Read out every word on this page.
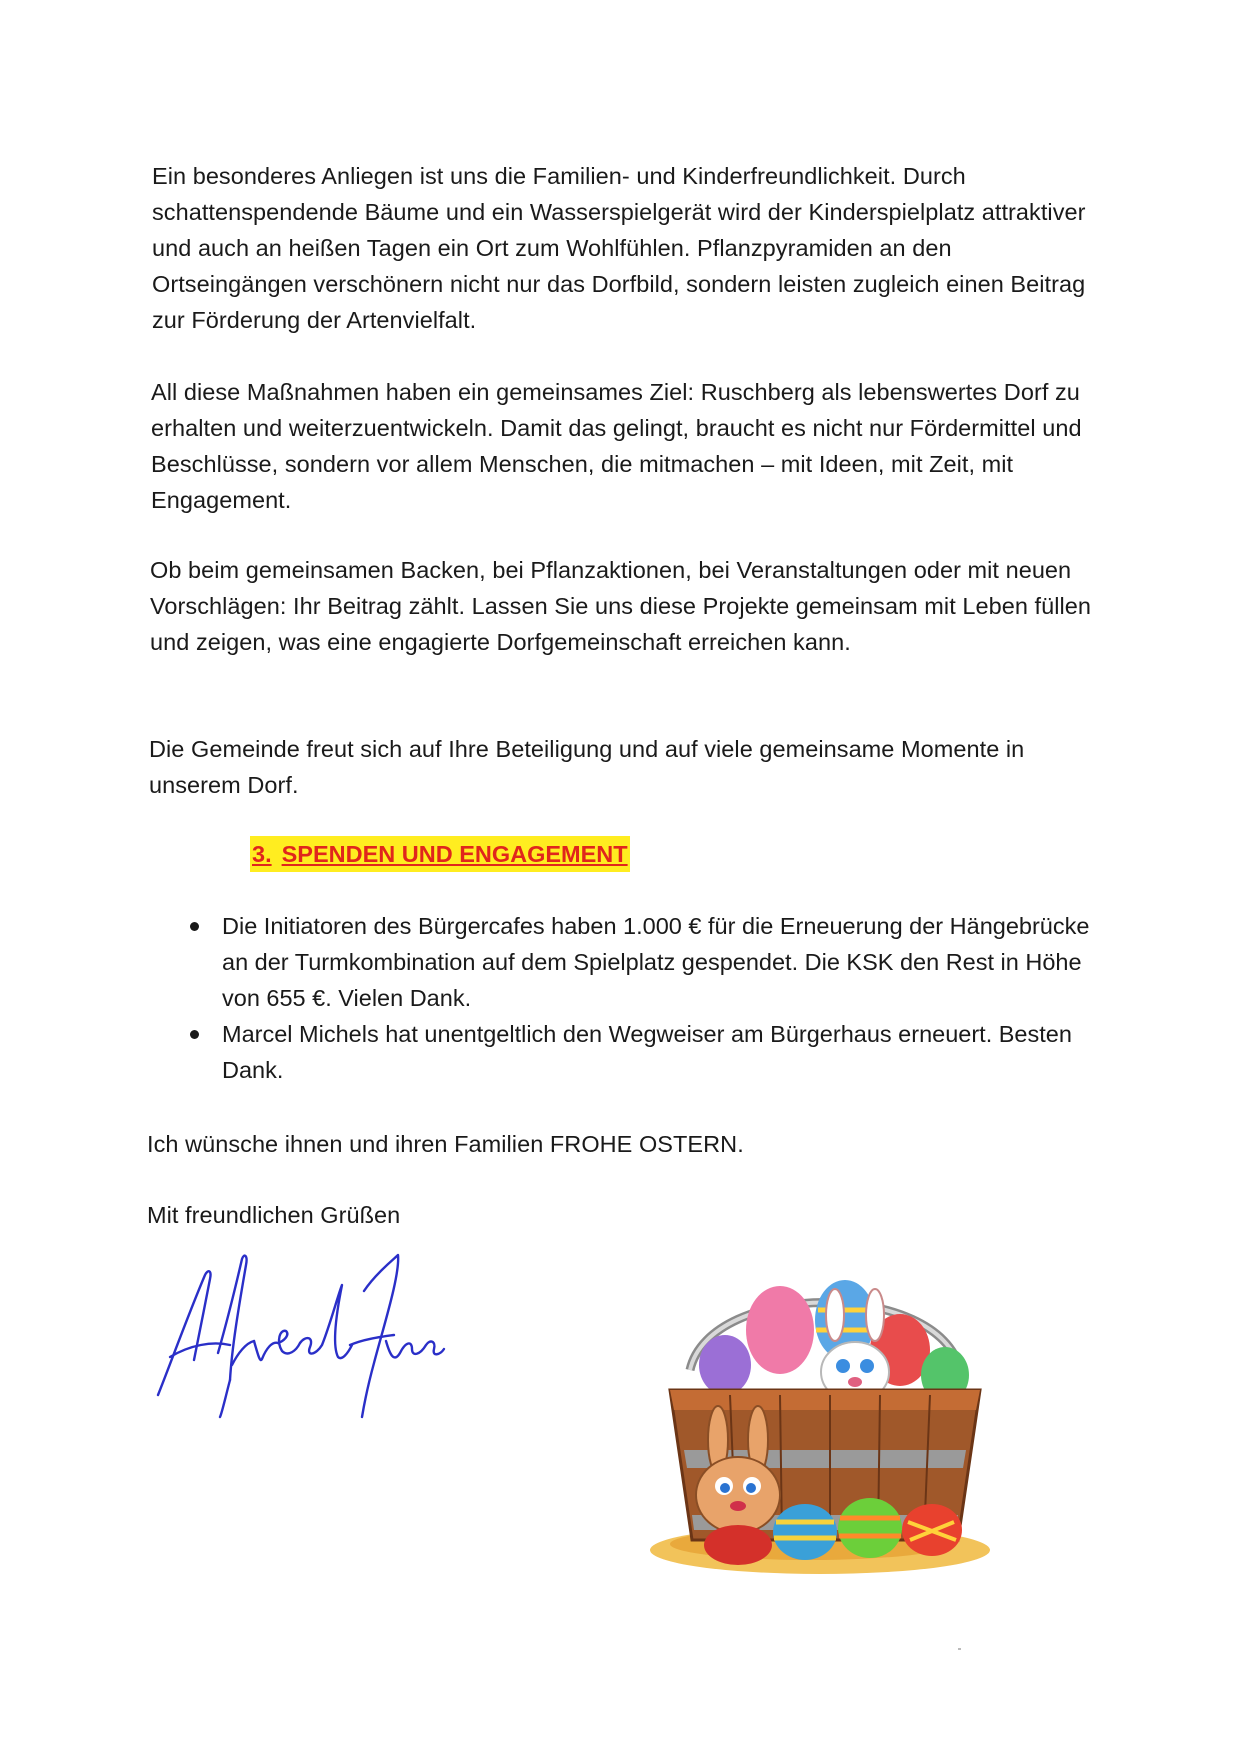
Ein besonderes Anliegen ist uns die Familien- und Kinderfreundlichkeit. Durch schattenspendende Bäume und ein Wasserspielgerät wird der Kinderspielplatz attraktiver und auch an heißen Tagen ein Ort zum Wohlfühlen. Pflanzpyramiden an den Ortseingängen verschönern nicht nur das Dorfbild, sondern leisten zugleich einen Beitrag zur Förderung der Artenvielfalt.

All diese Maßnahmen haben ein gemeinsames Ziel: Ruschberg als lebenswertes Dorf zu erhalten und weiterzuentwickeln. Damit das gelingt, braucht es nicht nur Fördermittel und Beschlüsse, sondern vor allem Menschen, die mitmachen – mit Ideen, mit Zeit, mit Engagement.

Ob beim gemeinsamen Backen, bei Pflanzaktionen, bei Veranstaltungen oder mit neuen Vorschlägen: Ihr Beitrag zählt. Lassen Sie uns diese Projekte gemeinsam mit Leben füllen und zeigen, was eine engagierte Dorfgemeinschaft erreichen kann.

Die Gemeinde freut sich auf Ihre Beteiligung und auf viele gemeinsame Momente in unserem Dorf.

3. SPENDEN UND ENGAGEMENT
Die Initiatoren des Bürgercafes haben 1.000 € für die Erneuerung der Hängebrücke an der Turmkombination auf dem Spielplatz gespendet. Die KSK den Rest in Höhe von 655 €. Vielen Dank.
Marcel Michels hat unentgeltlich den Wegweiser am Bürgerhaus erneuert. Besten Dank.

Ich wünsche ihnen und ihren Familien FROHE OSTERN.

Mit freundlichen Grüßen
